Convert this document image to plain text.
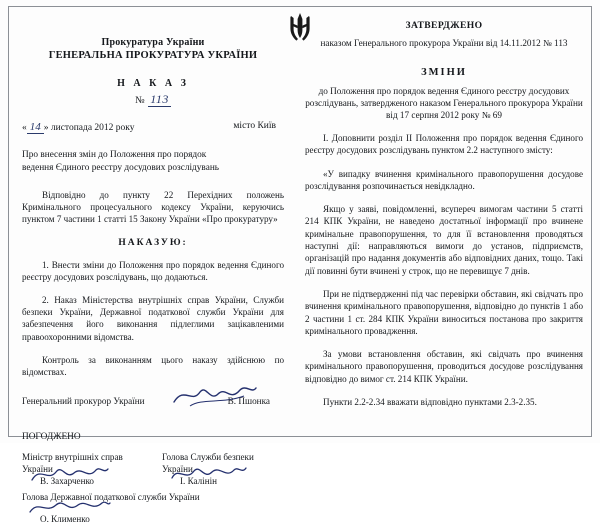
Прокуратура України
ГЕНЕРАЛЬНА ПРОКУРАТУРА УКРАЇНИ
Н А К А З
№ 113
« 14 » листопада 2012 року	місто Київ
Про внесення змін до Положення про порядок ведення Єдиного реєстру досудових розслідувань
Відповідно до пункту 22 Перехідних положень Кримінального процесуального кодексу України, керуючись пунктом 7 частини 1 статті 15 Закону України «Про прокуратуру»
НАКАЗУЮ:
1. Внести зміни до Положення про порядок ведення Єдиного реєстру досудових розслідувань, що додаються.
2. Наказ Міністерства внутрішніх справ України, Служби безпеки України, Державної податкової служби України для забезпечення його виконання підлеглими зацікавленими правоохоронними відомства.
Контроль за виконанням цього наказу здійснюю по відомствах.
Генеральний прокурор України	В. Пшонка
ПОГОДЖЕНО
Міністр внутрішніх справ України
Голова Служби безпеки України
В. Захарченко	І. Калінін
Голова Державної податкової служби України
О. Клименко
ЗАТВЕРДЖЕНО
наказом Генерального прокурора України від 14.11.2012 № 113
ЗМІНИ
до Положення про порядок ведення Єдиного реєстру досудових розслідувань, затвердженого наказом Генерального прокурора України від 17 серпня 2012 року № 69
І. Доповнити розділ ІІ Положення про порядок ведення Єдиного реєстру досудових розслідувань пунктом 2.2 наступного змісту:
«У випадку вчинення кримінального правопорушення досудове розслідування розпочинається невідкладно.
Якщо у заяві, повідомленні, всупереч вимогам частини 5 статті 214 КПК України, не наведено достатньої інформації про вчинене кримінальне правопорушення, то для її встановлення проводяться наступні дії: направляються вимоги до установ, підприємств, організацій про надання документів або відповідних даних, тощо. Такі дії повинні бути вчинені у строк, що не перевищує 7 днів.
При не підтвердженні під час перевірки обставин, які свідчать про вчинення кримінального правопорушення, відповідно до пунктів 1 або 2 частини 1 ст. 284 КПК України виноситься постанова про закриття кримінального провадження.
За умови встановлення обставин, які свідчать про вчинення кримінального правопорушення, проводиться досудове розслідування відповідно до вимог ст. 214 КПК України.
Пункти 2.2-2.34 вважати відповідно пунктами 2.3-2.35.
